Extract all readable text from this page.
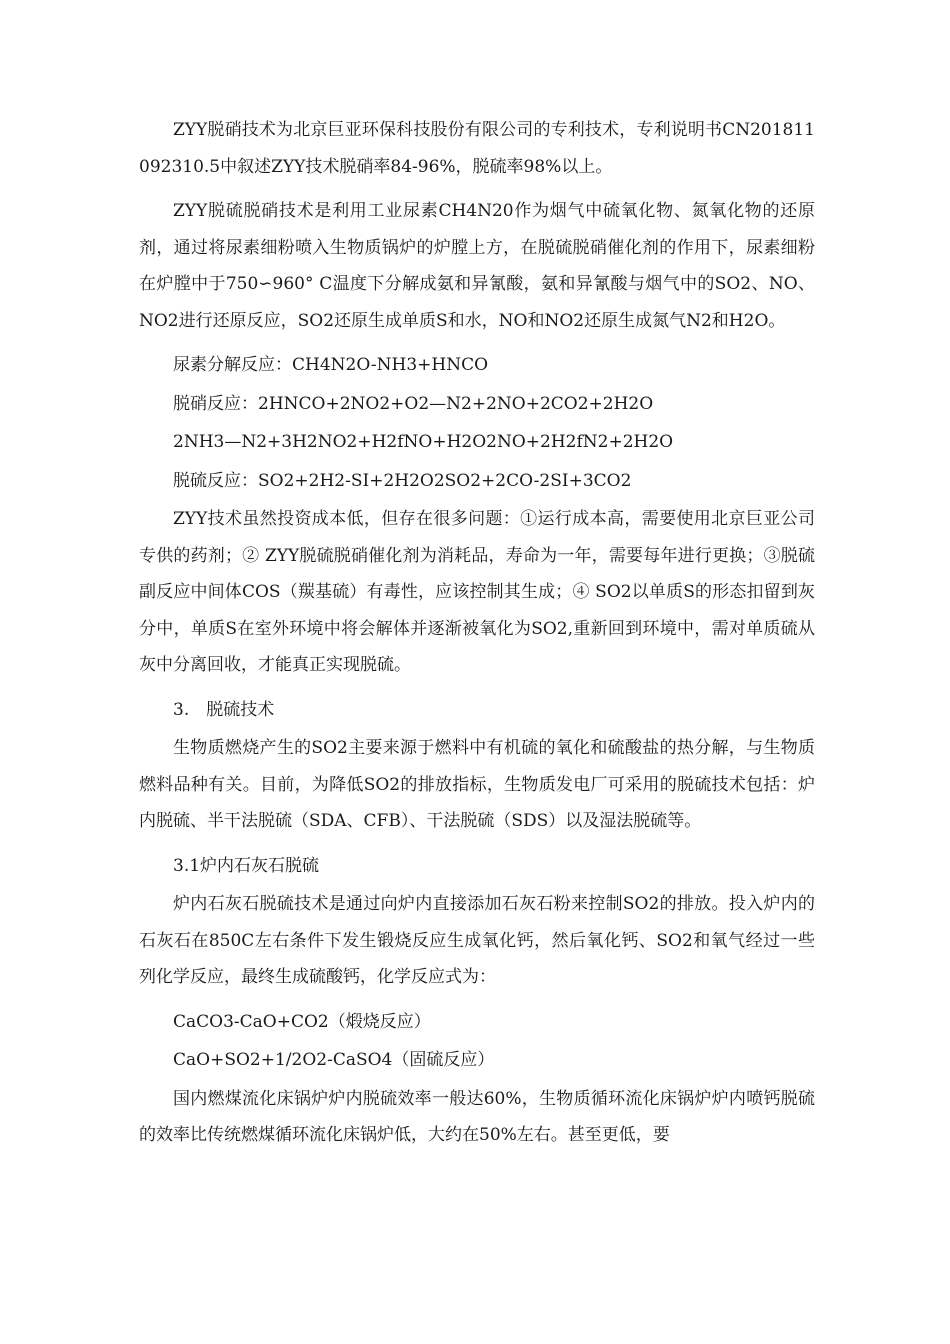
ZYY脱硝技术为北京巨亚环保科技股份有限公司的专利技术，专利说明书CN201811092310.5中叙述ZYY技术脱硝率84-96%，脱硫率98%以上。

ZYY脱硫脱硝技术是利用工业尿素CH4N20作为烟气中硫氧化物、氮氧化物的还原剂，通过将尿素细粉喷入生物质锅炉的炉膛上方，在脱硫脱硝催化剂的作用下，尿素细粉在炉膛中于750∽960° C温度下分解成氨和异氰酸，氨和异氰酸与烟气中的SO2、NO、NO2进行还原反应，SO2还原生成单质S和水，NO和NO2还原生成氮气N2和H2O。

尿素分解反应：CH4N2O-NH3+HNCO

脱硝反应：2HNCO+2NO2+O2—N2+2NO+2CO2+2H2O

2NH3—N2+3H2NO2+H2fNO+H2O2NO+2H2fN2+2H2O

脱硫反应：SO2+2H2-SI+2H2O2SO2+2CO-2SI+3CO2

ZYY技术虽然投资成本低，但存在很多问题：①运行成本高，需要使用北京巨亚公司专供的药剂；② ZYY脱硫脱硝催化剂为消耗品，寿命为一年，需要每年进行更换；③脱硫副反应中间体COS（羰基硫）有毒性，应该控制其生成；④ SO2以单质S的形态扣留到灰分中，单质S在室外环境中将会解体并逐渐被氧化为SO2,重新回到环境中，需对单质硫从灰中分离回收，才能真正实现脱硫。

3.　脱硫技术

生物质燃烧产生的SO2主要来源于燃料中有机硫的氧化和硫酸盐的热分解，与生物质燃料品种有关。目前，为降低SO2的排放指标，生物质发电厂可采用的脱硫技术包括：炉内脱硫、半干法脱硫（SDA、CFB）、干法脱硫（SDS）以及湿法脱硫等。

3.1炉内石灰石脱硫

炉内石灰石脱硫技术是通过向炉内直接添加石灰石粉来控制SO2的排放。投入炉内的石灰石在850C左右条件下发生锻烧反应生成氧化钙，然后氧化钙、SO2和氧气经过一些列化学反应，最终生成硫酸钙，化学反应式为：

CaCO3-CaO+CO2（煅烧反应）

CaO+SO2+1/2O2-CaSO4（固硫反应）

国内燃煤流化床锅炉炉内脱硫效率一般达60%，生物质循环流化床锅炉炉内喷钙脱硫的效率比传统燃煤循环流化床锅炉低，大约在50%左右。甚至更低，要
